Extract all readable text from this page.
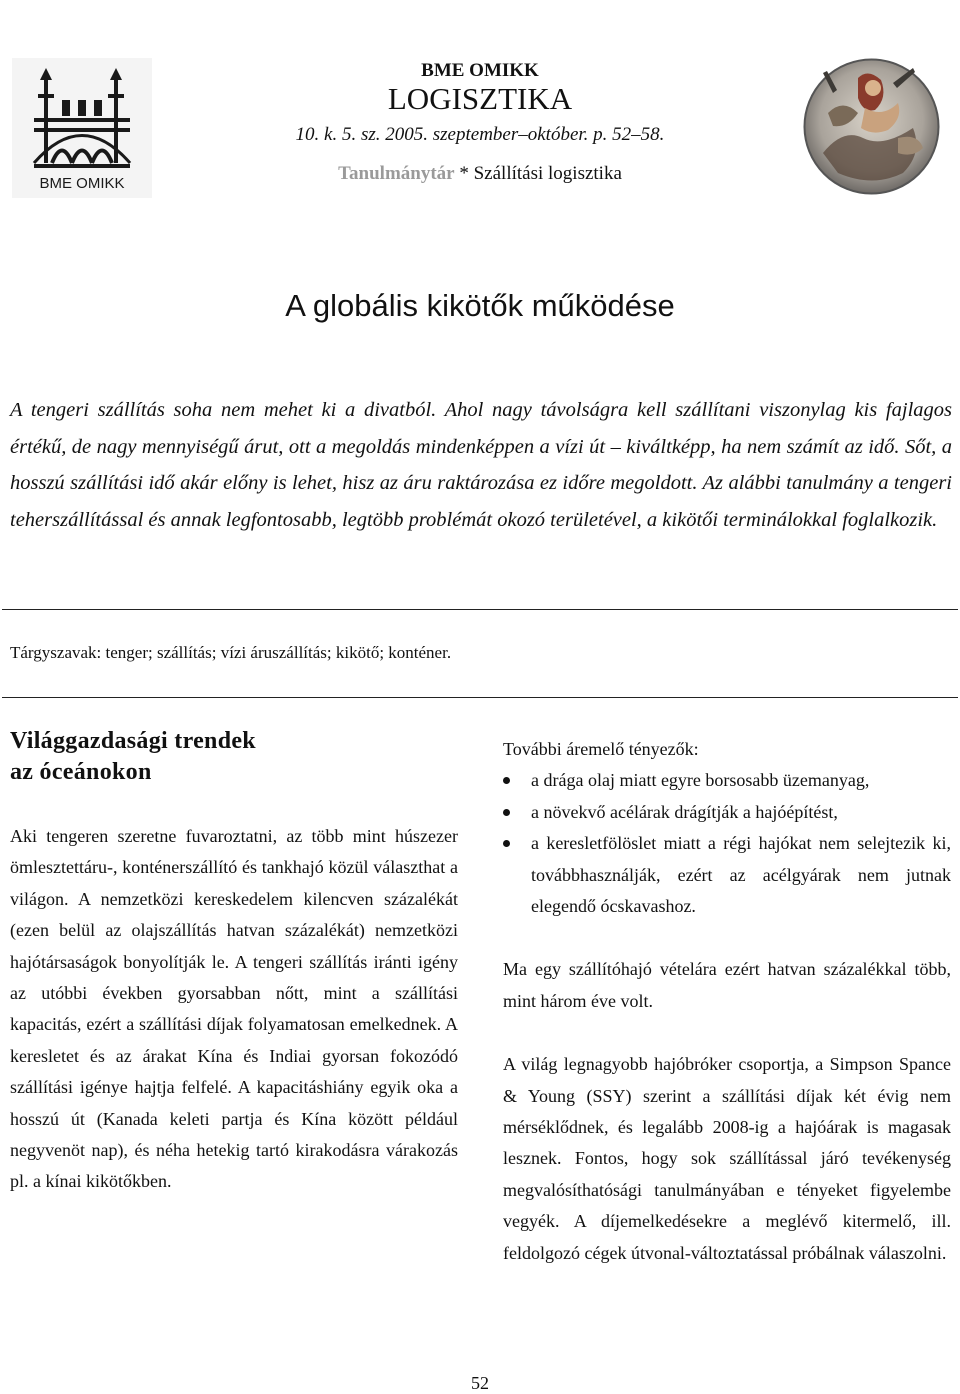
BME OMIKK
BME OMIKK
LOGISZTIKA
10. k. 5. sz. 2005. szeptember–október. p. 52–58.
Tanulmánytár * Szállítási logisztika
A globális kikötők működése

A tengeri szállítás soha nem mehet ki a divatból. Ahol nagy távolságra kell szállítani viszonylag kis fajlagos értékű, de nagy mennyiségű árut, ott a megoldás mindenképpen a vízi út – kiváltképp, ha nem számít az idő. Sőt, a hosszú szállítási idő akár előny is lehet, hisz az áru raktározása ez időre megoldott. Az alábbi tanulmány a tengeri teherszállítással és annak legfontosabb, legtöbb problémát okozó területével, a kikötői terminálokkal foglalkozik.

Tárgyszavak: tenger; szállítás; vízi áruszállítás; kikötő; konténer.
Világgazdasági trendek
az óceánokon

Aki tengeren szeretne fuvaroztatni, az több mint húszezer ömlesztettáru-, konténerszállító és tankhajó közül választhat a világon. A nemzetközi kereskedelem kilencven százalékát (ezen belül az olajszállítás hatvan százalékát) nemzetközi hajótársaságok bonyolítják le. A tengeri szállítás iránti igény az utóbbi években gyorsabban nőtt, mint a szállítási kapacitás, ezért a szállítási díjak folyamatosan emelkednek. A keresletet és az árakat Kína és Indiai gyorsan fokozódó szállítási igénye hajtja felfelé. A kapacitáshiány egyik oka a hosszú út (Kanada keleti partja és Kína között például negyvenöt nap), és néha hetekig tartó kirakodásra várakozás pl. a kínai kikötőkben.

További áremelő tényezők:

a drága olaj miatt egyre borsosabb üzemanyag,
a növekvő acélárak drágítják a hajóépítést,
a keresletfölöslet miatt a régi hajókat nem selejtezik ki, továbbhasználják, ezért az acélgyárak nem jutnak elegendő ócskavashoz.

Ma egy szállítóhajó vételára ezért hatvan százalékkal több, mint három éve volt.

A világ legnagyobb hajóbróker csoportja, a Simpson Spance & Young (SSY) szerint a szállítási díjak két évig nem mérséklődnek, és legalább 2008-ig a hajóárak is magasak lesznek. Fontos, hogy sok szállítással járó tevékenység megvalósíthatósági tanulmányában e tényeket figyelembe vegyék. A díjemelkedésekre a meglévő kitermelő, ill. feldolgozó cégek útvonal-változtatással próbálnak válaszolni.

52
